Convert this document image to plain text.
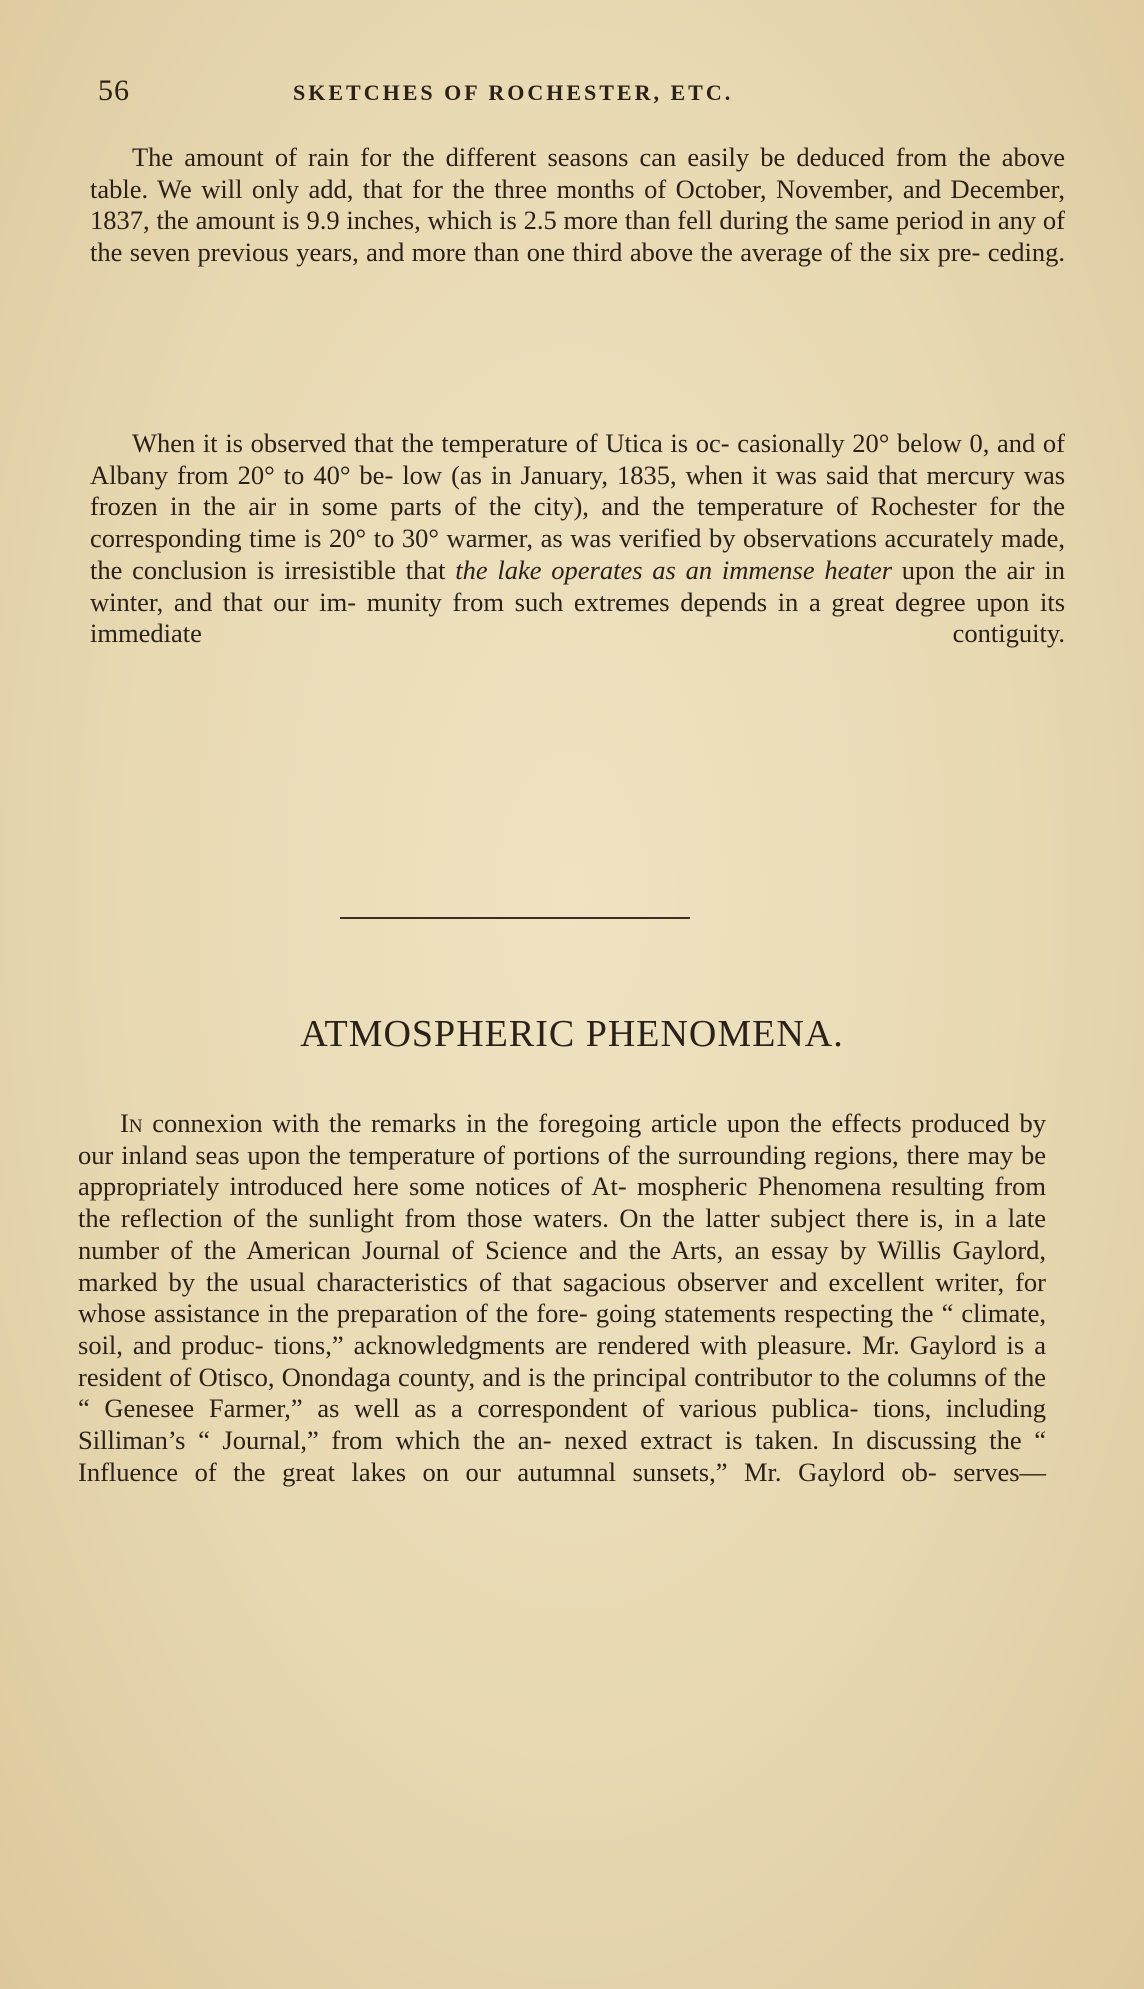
56	SKETCHES OF ROCHESTER, ETC.
The amount of rain for the different seasons can easily be deduced from the above table. We will only add, that for the three months of October, November, and December, 1837, the amount is 9.9 inches, which is 2.5 more than fell during the same period in any of the seven previous years, and more than one third above the average of the six pre- ceding.
When it is observed that the temperature of Utica is oc- casionally 20° below 0, and of Albany from 20° to 40° be- low (as in January, 1835, when it was said that mercury was frozen in the air in some parts of the city), and the temperature of Rochester for the corresponding time is 20° to 30° warmer, as was verified by observations accurately made, the conclusion is irresistible that the lake operates as an immense heater upon the air in winter, and that our im- munity from such extremes depends in a great degree upon its immediate contiguity.
ATMOSPHERIC PHENOMENA.
In connexion with the remarks in the foregoing article upon the effects produced by our inland seas upon the temperature of portions of the surrounding regions, there may be appropriately introduced here some notices of At- mospheric Phenomena resulting from the reflection of the sunlight from those waters. On the latter subject there is, in a late number of the American Journal of Science and the Arts, an essay by Willis Gaylord, marked by the usual characteristics of that sagacious observer and excellent writer, for whose assistance in the preparation of the fore- going statements respecting the “ climate, soil, and produc- tions,” acknowledgments are rendered with pleasure. Mr. Gaylord is a resident of Otisco, Onondaga county, and is the principal contributor to the columns of the “ Genesee Farmer,” as well as a correspondent of various publica- tions, including Silliman’s “ Journal,” from which the an- nexed extract is taken. In discussing the “ Influence of the great lakes on our autumnal sunsets,” Mr. Gaylord ob- serves—
